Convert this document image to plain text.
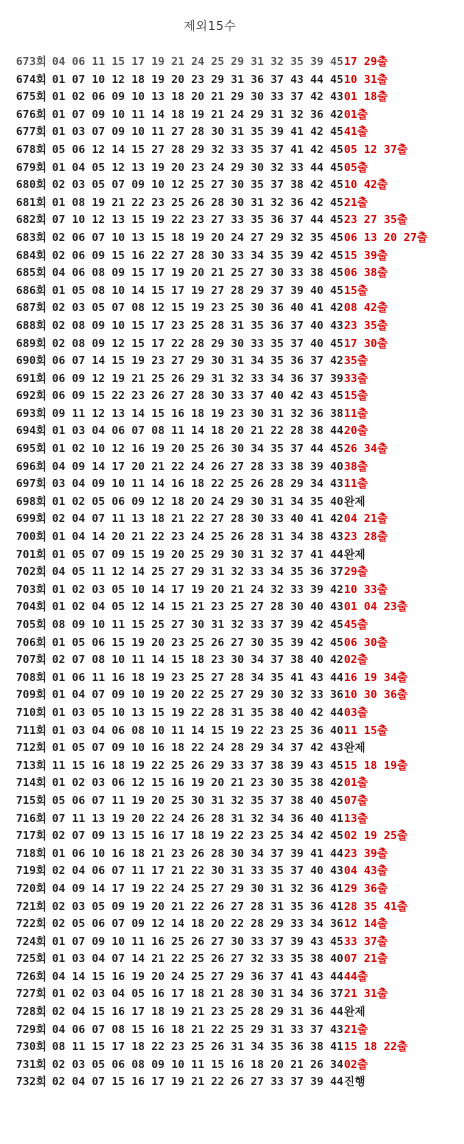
제외15수
673회 04 06 11 15 17 19 21 24 25 29 31 32 35 39 4517 29출
674회 01 07 10 12 18 19 20 23 29 31 36 37 43 44 4510 31출
675회 01 02 06 09 10 13 18 20 21 29 30 33 37 42 4301 18출
676회 01 07 09 10 11 14 18 19 21 24 29 31 32 36 4201출
677회 01 03 07 09 10 11 27 28 30 31 35 39 41 42 4541출
678회 05 06 12 14 15 27 28 29 32 33 35 37 41 42 4505 12 37출
679회 01 04 05 12 13 19 20 23 24 29 30 32 33 44 4505출
680회 02 03 05 07 09 10 12 25 27 30 35 37 38 42 4510 42출
681회 01 08 19 21 22 23 25 26 28 30 31 32 36 42 4521출
682회 07 10 12 13 15 19 22 23 27 33 35 36 37 44 4523 27 35출
683회 02 06 07 10 13 15 18 19 20 24 27 29 32 35 4506 13 20 27출
684회 02 06 09 15 16 22 27 28 30 33 34 35 39 42 4515 39출
685회 04 06 08 09 15 17 19 20 21 25 27 30 33 38 4506 38출
686회 01 05 08 10 14 15 17 19 27 28 29 37 39 40 4515출
687회 02 03 05 07 08 12 15 19 23 25 30 36 40 41 4208 42출
688회 02 08 09 10 15 17 23 25 28 31 35 36 37 40 4323 35출
689회 02 08 09 12 15 17 22 28 29 30 33 35 37 40 4517 30출
690회 06 07 14 15 19 23 27 29 30 31 34 35 36 37 4235출
691회 06 09 12 19 21 25 26 29 31 32 33 34 36 37 3933출
692회 06 09 15 22 23 26 27 28 30 33 37 40 42 43 4515출
693회 09 11 12 13 14 15 16 18 19 23 30 31 32 36 3811출
694회 01 03 04 06 07 08 11 14 18 20 21 22 28 38 4420출
695회 01 02 10 12 16 19 20 25 26 30 34 35 37 44 4526 34출
696회 04 09 14 17 20 21 22 24 26 27 28 33 38 39 4038출
697회 03 04 09 10 11 14 16 18 22 25 26 28 29 34 4311출
698회 01 02 05 06 09 12 18 20 24 29 30 31 34 35 40완제
699회 02 04 07 11 13 18 21 22 27 28 30 33 40 41 4204 21출
700회 01 04 14 20 21 22 23 24 25 26 28 31 34 38 4323 28출
701회 01 05 07 09 15 19 20 25 29 30 31 32 37 41 44완제
702회 04 05 11 12 14 25 27 29 31 32 33 34 35 36 3729출
703회 01 02 03 05 10 14 17 19 20 21 24 32 33 39 4210 33출
704회 01 02 04 05 12 14 15 21 23 25 27 28 30 40 4301 04 23출
705회 08 09 10 11 15 25 27 30 31 32 33 37 39 42 4545출
706회 01 05 06 15 19 20 23 25 26 27 30 35 39 42 4506 30출
707회 02 07 08 10 11 14 15 18 23 30 34 37 38 40 4202출
708회 01 06 11 16 18 19 23 25 27 28 34 35 41 43 4416 19 34출
709회 01 04 07 09 10 19 20 22 25 27 29 30 32 33 3610 30 36출
710회 01 03 05 10 13 15 19 22 28 31 35 38 40 42 4403출
711회 01 03 04 06 08 10 11 14 15 19 22 23 25 36 4011 15출
712회 01 05 07 09 10 16 18 22 24 28 29 34 37 42 43완제
713회 11 15 16 18 19 22 25 26 29 33 37 38 39 43 4515 18 19출
714회 01 02 03 06 12 15 16 19 20 21 23 30 35 38 4201출
715회 05 06 07 11 19 20 25 30 31 32 35 37 38 40 4507출
716회 07 11 13 19 20 22 24 26 28 31 32 34 36 40 4113출
717회 02 07 09 13 15 16 17 18 19 22 23 25 34 42 4502 19 25출
718회 01 06 10 16 18 21 23 26 28 30 34 37 39 41 4423 39출
719회 02 04 06 07 11 17 21 22 30 31 33 35 37 40 4304 43출
720회 04 09 14 17 19 22 24 25 27 29 30 31 32 36 4129 36출
721회 02 03 05 09 19 20 21 22 26 27 28 31 35 36 4128 35 41출
722회 02 05 06 07 09 12 14 18 20 22 28 29 33 34 3612 14출
724회 01 07 09 10 11 16 25 26 27 30 33 37 39 43 4533 37출
725회 01 03 04 07 14 21 22 25 26 27 32 33 35 38 4007 21출
726회 04 14 15 16 19 20 24 25 27 29 36 37 41 43 4444출
727회 01 02 03 04 05 16 17 18 21 28 30 31 34 36 3721 31출
728회 02 04 15 16 17 18 19 21 23 25 28 29 31 36 44완제
729회 04 06 07 08 15 16 18 21 22 25 29 31 33 37 4321출
730회 08 11 15 17 18 22 23 25 26 31 34 35 36 38 4115 18 22출
731회 02 03 05 06 08 09 10 11 15 16 18 20 21 26 3402출
732회 02 04 07 15 16 17 19 21 22 26 27 33 37 39 44진행
